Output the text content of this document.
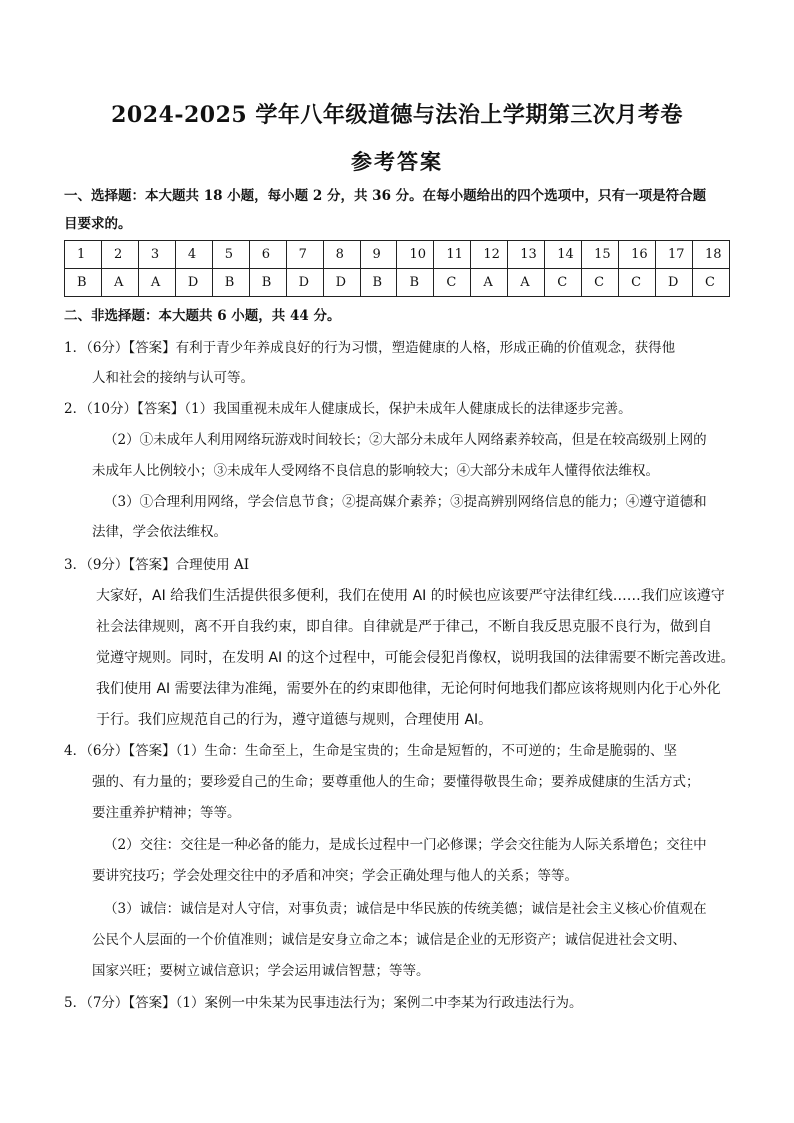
2024-2025 学年八年级道德与法治上学期第三次月考卷
参考答案
一、选择题：本大题共 18 小题，每小题 2 分，共 36 分。在每小题给出的四个选项中，只有一项是符合题
目要求的。
1	2	3	4	5	6	7	8	9	10	11	12	13	14	15	16	17	18
B	A	A	D	B	B	D	D	B	B	C	A	A	C	C	C	D	C
二、非选择题：本大题共 6 小题，共 44 分。
1．（6分）【答案】有利于青少年养成良好的行为习惯，塑造健康的人格，形成正确的价值观念，获得他
人和社会的接纳与认可等。
2．（10分）【答案】（1）我国重视未成年人健康成长，保护未成年人健康成长的法律逐步完善。
（2）①未成年人利用网络玩游戏时间较长；②大部分未成年人网络素养较高，但是在较高级别上网的
未成年人比例较小；③未成年人受网络不良信息的影响较大；④大部分未成年人懂得依法维权。
（3）①合理利用网络，学会信息节食；②提高媒介素养；③提高辨别网络信息的能力；④遵守道德和
法律，学会依法维权。
3．（9分）【答案】合理使用 AI
大家好，AI 给我们生活提供很多便利，我们在使用 AI 的时候也应该要严守法律红线……我们应该遵守
社会法律规则，离不开自我约束，即自律。自律就是严于律己，不断自我反思克服不良行为，做到自
觉遵守规则。同时，在发明 AI 的这个过程中，可能会侵犯肖像权，说明我国的法律需要不断完善改进。
我们使用 AI 需要法律为准绳，需要外在的约束即他律，无论何时何地我们都应该将规则内化于心外化
于行。我们应规范自己的行为，遵守道德与规则，合理使用 AI。
4．（6分）【答案】（1）生命：生命至上，生命是宝贵的；生命是短暂的，不可逆的；生命是脆弱的、坚
强的、有力量的；要珍爱自己的生命；要尊重他人的生命；要懂得敬畏生命；要养成健康的生活方式；
要注重养护精神；等等。
（2）交往：交往是一种必备的能力，是成长过程中一门必修课；学会交往能为人际关系增色；交往中
要讲究技巧；学会处理交往中的矛盾和冲突；学会正确处理与他人的关系；等等。
（3）诚信：诚信是对人守信，对事负责；诚信是中华民族的传统美德；诚信是社会主义核心价值观在
公民个人层面的一个价值准则；诚信是安身立命之本；诚信是企业的无形资产；诚信促进社会文明、
国家兴旺；要树立诚信意识；学会运用诚信智慧；等等。
5．（7分）【答案】（1）案例一中朱某为民事违法行为；案例二中李某为行政违法行为。
